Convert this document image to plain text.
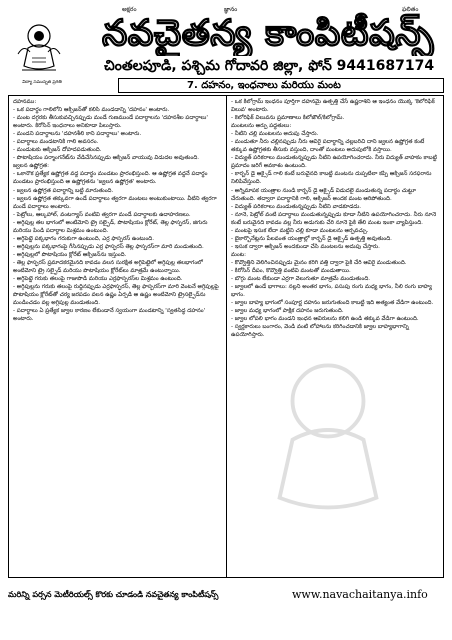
అక్షరం	జ్ఞానం	ఫలితం
విద్యా సమున్నత ప్రగతి
నవచైతన్య కాంపిటీషన్స్
చింతలపూడి, పశ్చిమ గోదావరి జిల్లా, ఫోన్ 9441687174
7. దహనం, ఇంధనాలు మరియు మంట

దహనము:

- ఒక పదార్థం గాలిలోని ఆక్సిజన్‌తో కలిసి మండడాన్ని 'దహనం' అంటారు.

- మంట దగ్గరకు తీసుకువచ్చినప్పుడు మండే గుణముండే పదార్థాలను 'దహనశీల పదార్థాలు' అంటారు. కిరోసిన్ ఇంధనాలు అనికూడా పిలుస్తారు.

- మండని పదార్థాలను 'దహనశీలి కాని పదార్థాలు' అంటారు.

- పదార్థాలు మండటానికి గాలి అవసరం.

- మండుటకు ఆక్సిజన్ దోహదపడుతుంది.

- పొటాషియం పర్మాంగనేట్‌ను వేడిచేసినప్పుడు ఆక్సిజన్ వాయువు విడుదల అవుతుంది.

జ్వలన ఉష్ణోగ్రత:

- ఒకానొక ప్రత్యేక ఉష్ణోగ్రత వద్ద పదార్థం మండటం ప్రారంభిస్తుంది. ఆ ఉష్ణోగ్రత వద్దనే పదార్థం మండటం ప్రారంభిస్తుంది ఆ ఉష్ణోగ్రతను 'జ్వలన ఉష్ణోగ్రత' అంటారు.

- జ్వలన ఉష్ణోగ్రత పదార్థాన్ని బట్టి మారుతుంది.

- జ్వలన ఉష్ణోగ్రత తక్కువగా ఉండే పదార్థాలు త్వరగా మంటలు అంటుకుంటాయి. వీటిని త్వరగా మండే పదార్థాలు అంటారు.

- పెట్రోలు, ఆల్కహాల్, వంటగ్యాస్ వంటివి త్వరగా మండే పదార్థాలకు ఉదాహరణలు.

- అగ్గిపుల్ల తల భాగంలో అంటిమోని ట్రై సల్ఫైడ్, పొటాషియం క్లోరేట్, తెల్ల ఫాస్ఫరస్, జిగురు మరియు పిండి పదార్థాల మిశ్రమం ఉంటుంది.

- అగ్గిపెట్టె పక్కభాగం గరుకుగా ఉంటుంది, ఎర్ర ఫాస్ఫరస్ ఉంటుంది.

- అగ్గిపుల్లను పక్కభాగంపై గీసినప్పుడు ఎర్ర ఫాస్ఫరస్ తెల్ల ఫాస్ఫరస్‌గా మారి మండుతుంది.

- అగ్గిపుల్లలో పొటాషియం క్లోరేట్ ఆక్సిజన్‌ను ఇస్తుంది.

- తెల్ల ఫాస్ఫరస్ ప్రమాదకరమైనది కావడం వలన సురక్షిత అగ్గిపెట్టెలో అగ్గిపుల్ల తలభాగంలో అంటిమోని ట్రై సల్ఫైడ్ మరియు పొటాషియం క్లోరేట్‌లు మాత్రమే ఉంటున్నాయి.

- అగ్గిపెట్టె గరుకు తలంపై గాజుపొడి మరియు ఎర్రఫాస్ఫరస్‌ల మిశ్రమం ఉంటుంది.

- అగ్గిపుల్లను గరుకు తలంపై రుద్దినప్పుడు ఎర్రఫాస్ఫరస్, తెల్ల ఫాస్ఫరస్‌గా మారి వెంటనే అగ్గిపుల్లపై పొటాషియం క్లోరేట్‌తో చర్య జరపడం వలన ఉష్ణం ఏర్పడి ఆ ఉష్ణం అంటిమోని ట్రైసల్ఫైడ్‌ను మండించడం వల్ల అగ్గిపుల్ల మండుతుంది.

- పదార్థాలు ఏ ప్రత్యేక జ్వాల కారణం లేకుండానే స్వయంగా మండటాన్ని 'స్వతసిద్ధ దహనం' అంటారు.

- ఒక కిలోగ్రామ్ ఇంధనం పూర్తిగా దహనమై ఉత్పత్తి చేసే ఉష్ణరాశిని ఆ ఇంధనం యొక్క 'కెలోరిఫిక్ విలువ' అంటారు.

- కెలోరిఫిక్ విలువను ప్రమాణాలు కిలోజౌల్/కిలోగ్రామ్.

మంటలను ఆర్పు పద్ధతులు:

- నీటిని చల్లి మంటలను అదుపు చేస్తారు.

- మండుతూ నీరు చల్లినప్పుడు నీరు ఆవిరై పదార్థాన్ని చల్లబరిచి దాని జ్వలన ఉష్ణోగ్రత కంటే తక్కువ ఉష్ణోగ్రతకు తీసుకు వస్తుంది, దాంతో మంటలు అదుపులోకి వస్తాయి.

- విద్యుత్ పరికరాలు మండుతున్నప్పుడు నీటిని ఉపయోగించరాదు. నీరు విద్యుత్ వాహకం కాబట్టి ప్రమాదం జరిగే అవకాశం ఉంటుంది.

- కార్బన్ డై ఆక్సైడ్ గాలి కంటే బరువైనది కాబట్టి మంటను దుప్పటిలా కప్పి ఆక్సిజన్ సరఫరాను నిలిపివేస్తుంది.

- అగ్నిమాపక యంత్రాల నుండి కార్బన్ డై ఆక్సైడ్ విడుదలై మండుతున్న పదార్థం చుట్టూ చేరుతుంది. తద్వారా పదార్థానికి గాలి, ఆక్సిజన్ అందక మంట ఆరిపోతుంది.

- విద్యుత్ పరికరాలు మండుతున్నప్పుడు నీటిని వాడకూడదు.

- నూనె, పెట్రోల్ వంటి పదార్థాలు మండుతున్నప్పుడు కూడా నీటిని ఉపయోగించరాదు. నీరు నూనె కంటే బరువైనది కావడం వల్ల నీరు అడుగుకు చేరి నూనె పైకి తేలి మంట ఇంకా వ్యాపిస్తుంది.

- మంటపై ఇసుక లేదా మట్టిని చల్లి కూడా మంటలను ఆర్పవచ్చు.

- బైకార్బొనేట్లను పేలవంత యంత్రాల్లో కార్బన్ డై ఆక్సైడ్ ఉత్పత్తి అవుతుంది.

- ఇసుక ద్వారా ఆక్సిజన్ అందకుండా చేసి మంటలను అదుపు చేస్తారు.

మంట:

- కొవ్వొత్తిని వెలిగించినప్పుడు మైనం కరిగి వత్తి ద్వారా పైకి చేరి ఆవిరై మండుతుంది.

- కిరోసిన్ దీపం, కొవ్వొత్తి వంటివి మంటతో మండుతాయి.

- బొగ్గు మంట లేకుండా ఎర్రగా వెలుగుతూ మాత్రమే మండుతుంది.

- జ్వాలలో ఉండే భాగాలు: నల్లని అంతర భాగం, పసుపు రంగు మధ్య భాగం, నీలి రంగు బాహ్య భాగం.

- జ్వాల బాహ్య భాగంలో సంపూర్ణ దహనం జరుగుతుంది కాబట్టి ఇది అత్యంత వేడిగా ఉంటుంది.

- జ్వాల మధ్య భాగంలో పాక్షిక దహనం జరుగుతుంది.

- జ్వాల లోపలి భాగం మండని ఇంధన ఆవిరులను కలిగి ఉండి తక్కువ వేడిగా ఉంటుంది.

- స్వర్ణకారులు బంగారం, వెండి వంటి లోహాలను కరిగించడానికి జ్వాల బాహ్యభాగాన్ని ఉపయోగిస్తారు.

మరిన్ని పర్సన మెటీరియల్స్ కొరకు చూడండి నవచైతన్య కాంపిటీషన్స్	www.navachaitanya.info
